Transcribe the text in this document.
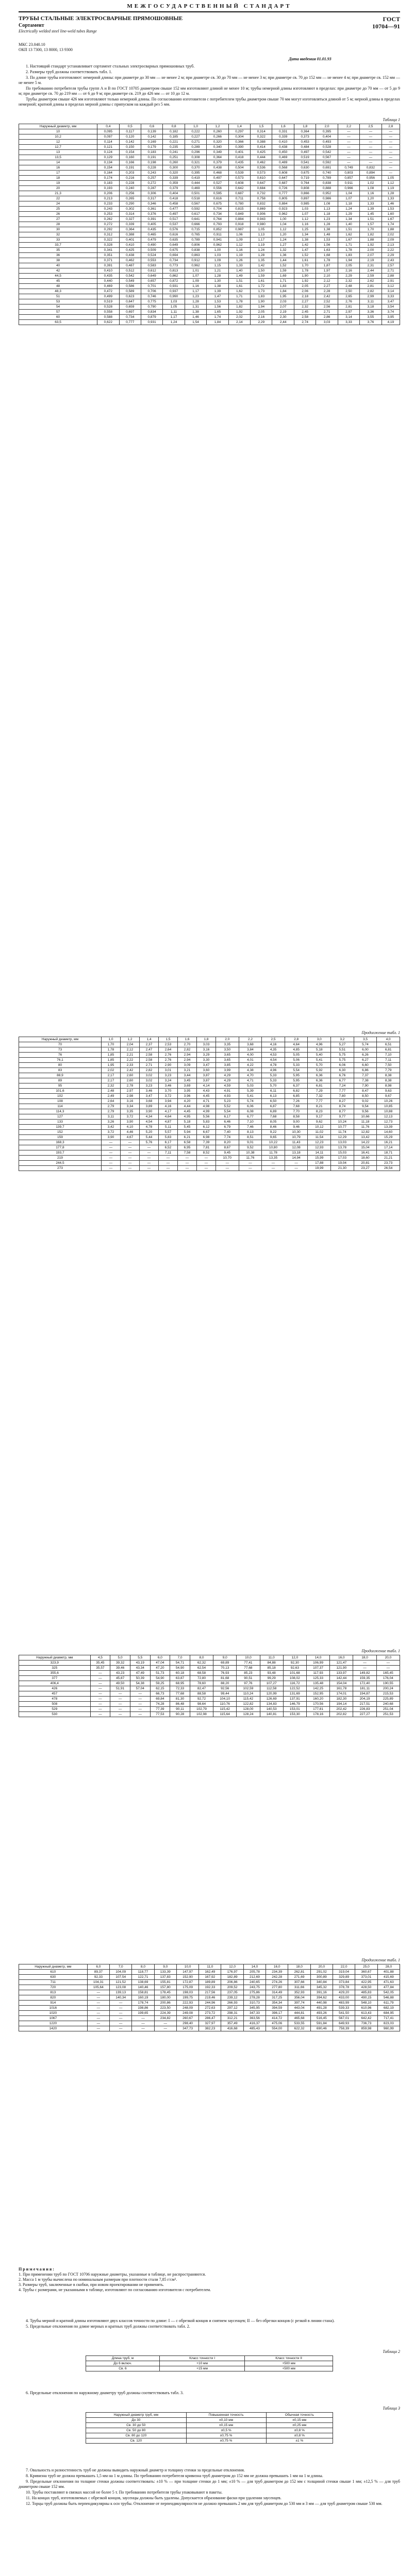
МЕЖГОСУДАРСТВЕННЫЙ СТАНДАРТ
ТРУБЫ СТАЛЬНЫЕ ЭЛЕКТРОСВАРНЫЕ ПРЯМОШОВНЫЕ
Сортамент
Electrically welded steel line-weld tubes Range
ГОСТ
10704—91
МКС 23.040.10
ОКП 13 7300, 13 8000, 13 9300
Дата введения 01.01.93

1. Настоящий стандарт устанавливает сортамент стальных электросварных прямошовных труб.

2. Размеры труб должны соответствовать табл. 1.

3. По длине трубы изготовляют: немерной длины: при диаметре до 30 мм — не менее 2 м; при диаметре св. 30 до 70 мм — не менее 3 м; при диаметре св. 70 до 152 мм — не менее 4 м; при диаметре св. 152 мм — не менее 5 м.

По требованию потребителя трубы групп А и В по ГОСТ 10705 диаметром свыше 152 мм изготовляют длиной не менее 10 м; трубы немерной длины изготовляют в пределах: при диаметре до 70 мм — от 5 до 9 м; при диаметре св. 70 до 219 мм — от 6 до 9 м; при диаметре св. 219 до 426 мм — от 10 до 12 м.

Трубы диаметром свыше 426 мм изготовляют только немерной длины. По согласованию изготовителя с потребителем трубы диаметром свыше 70 мм могут изготовляться длиной от 5 м; мерной длины в пределах немерной; кратной длины в пределах мерной длины с припуском на каждый рез 5 мм.

Таблица 1
Наружный диаметр, мм	0,4	0,5	0,6	0,8	1,0	1,2	1,4	1,5	1,6	1,8	2,0	2,2	2,5	2,8
10	0,095	0,117	0,139	0,182	0,222	0,260	0,297	0,314	0,331	0,364	0,395	—	—	—
10,2	0,097	0,120	0,142	0,185	0,227	0,266	0,304	0,322	0,339	0,373	0,404	—	—	—
12	0,114	0,142	0,169	0,221	0,271	0,320	0,366	0,388	0,410	0,453	0,493	—	—	—
12,7	0,121	0,150	0,179	0,235	0,289	0,340	0,390	0,414	0,438	0,484	0,528	—	—	—
13	0,124	0,154	0,183	0,241	0,296	0,349	0,401	0,425	0,450	0,497	0,542	—	—	—
13,5	0,129	0,160	0,191	0,251	0,308	0,364	0,418	0,444	0,469	0,519	0,567	—	—	—
14	0,134	0,166	0,198	0,260	0,321	0,379	0,435	0,462	0,489	0,541	0,592	—	—	—
16	0,154	0,191	0,228	0,300	0,370	0,438	0,504	0,536	0,568	0,630	0,691	0,749	0,832	—
17	0,164	0,203	0,243	0,320	0,395	0,468	0,539	0,573	0,608	0,675	0,740	0,803	0,894	—
18	0,174	0,216	0,257	0,339	0,419	0,497	0,573	0,610	0,647	0,719	0,789	0,857	0,956	1,05
19	0,183	0,228	0,272	0,359	0,444	0,527	0,608	0,647	0,687	0,764	0,838	0,911	1,02	1,12
20	0,193	0,240	0,287	0,379	0,469	0,556	0,642	0,684	0,726	0,808	0,888	0,966	1,08	1,19
21,3	0,206	0,256	0,306	0,404	0,501	0,595	0,687	0,732	0,777	0,866	0,952	1,04	1,16	1,28
22	0,213	0,265	0,317	0,418	0,518	0,616	0,711	0,758	0,805	0,897	0,986	1,07	1,20	1,33
24	0,233	0,290	0,346	0,458	0,567	0,675	0,780	0,832	0,884	0,985	1,08	1,18	1,33	1,46
25	0,243	0,302	0,361	0,477	0,592	0,704	0,815	0,869	0,923	1,03	1,13	1,24	1,39	1,53
26	0,253	0,314	0,376	0,497	0,617	0,734	0,849	0,906	0,962	1,07	1,18	1,29	1,45	1,60
27	0,262	0,327	0,391	0,517	0,641	0,764	0,884	0,943	1,00	1,12	1,23	1,34	1,51	1,67
28	0,272	0,339	0,405	0,537	0,666	0,793	0,918	0,980	1,04	1,16	1,28	1,40	1,57	1,74
30	0,292	0,364	0,435	0,576	0,715	0,852	0,987	1,05	1,12	1,25	1,38	1,51	1,70	1,88
32	0,312	0,388	0,465	0,616	0,765	0,911	1,06	1,13	1,20	1,34	1,48	1,62	1,82	2,02
33	0,322	0,401	0,479	0,635	0,789	0,941	1,09	1,17	1,24	1,38	1,53	1,67	1,88	2,09
33,7	0,328	0,410	0,490	0,649	0,806	0,962	1,12	1,19	1,27	1,42	1,56	1,71	1,92	2,13
35	0,341	0,425	0,509	0,675	0,838	1,00	1,16	1,24	1,32	1,47	1,63	1,78	2,00	2,22
36	0,351	0,438	0,524	0,694	0,863	1,03	1,19	1,28	1,36	1,52	1,68	1,83	2,07	2,29
38	0,371	0,462	0,553	0,734	0,912	1,09	1,26	1,35	1,44	1,61	1,78	1,94	2,19	2,43
40	0,391	0,487	0,583	0,773	0,962	1,15	1,33	1,42	1,52	1,70	1,87	2,05	2,31	2,57
42	0,410	0,512	0,612	0,813	1,01	1,21	1,40	1,50	1,59	1,78	1,97	2,16	2,44	2,71
44,5	0,435	0,542	0,649	0,862	1,07	1,28	1,49	1,59	1,69	1,90	2,10	2,29	2,59	2,88
45	0,440	0,549	0,657	0,872	1,09	1,30	1,51	1,61	1,71	1,92	2,12	2,32	2,62	2,91
48	0,469	0,586	0,701	0,931	1,16	1,38	1,61	1,72	1,83	2,05	2,27	2,48	2,81	3,12
48,3	0,472	0,589	0,706	0,937	1,17	1,39	1,62	1,73	1,84	2,06	2,28	2,50	2,82	3,14
51	0,499	0,623	0,746	0,990	1,23	1,47	1,71	1,83	1,95	2,18	2,42	2,65	2,99	3,33
53	0,519	0,647	0,775	1,03	1,28	1,53	1,78	1,90	2,03	2,27	2,52	2,76	3,11	3,47
54	0,528	0,659	0,790	1,05	1,31	1,56	1,82	1,94	2,07	2,32	2,56	2,81	3,18	3,54
57	0,558	0,697	0,834	1,11	1,38	1,65	1,92	2,05	2,19	2,45	2,71	2,97	3,36	3,74
60	0,588	0,734	0,879	1,17	1,46	1,74	2,02	2,16	2,30	2,58	2,86	3,14	3,55	3,95
63,5	0,622	0,777	0,931	1,24	1,54	1,84	2,14	2,29	2,44	2,74	3,03	3,33	3,76	4,19
Продолжение табл. 1
Наружный диаметр, мм	1,0	1,2	1,4	1,5	1,6	1,8	2,0	2,2	2,5	2,8	3,0	3,2	3,5	4,0
70	1,70	2,04	2,37	2,53	2,70	3,03	3,35	3,68	4,16	4,64	4,96	5,27	5,74	6,51
73	1,78	2,12	2,47	2,64	2,82	3,16	3,50	3,84	4,35	4,85	5,18	5,51	6,00	6,81
76	1,85	2,21	2,58	2,76	2,94	3,29	3,65	4,00	4,53	5,05	5,40	5,75	6,26	7,10
76,1	1,85	2,22	2,58	2,76	2,94	3,30	3,65	4,01	4,54	5,06	5,41	5,75	6,27	7,11
80	1,95	2,33	2,71	2,90	3,09	3,47	3,85	4,22	4,78	5,33	5,70	6,06	6,60	7,50
83	2,02	2,42	2,82	3,01	3,21	3,60	3,99	4,38	4,96	5,54	5,92	6,30	6,86	7,79
88,9	2,17	2,60	3,02	3,23	3,44	3,87	4,29	4,70	5,33	5,95	6,36	6,76	7,37	8,38
89	2,17	2,60	3,02	3,24	3,45	3,87	4,29	4,71	5,33	5,95	6,36	6,77	7,38	8,38
95	2,32	2,78	3,23	3,46	3,69	4,14	4,59	5,03	5,70	6,37	6,81	7,24	7,90	8,98
101,6	2,48	2,97	3,46	3,70	3,95	4,43	4,91	5,39	6,11	6,82	7,29	7,77	8,47	9,63
102	2,49	2,98	3,47	3,72	3,96	4,45	4,93	5,41	6,13	6,85	7,32	7,80	8,50	9,67
108	2,64	3,16	3,68	3,94	4,20	4,71	5,23	5,74	6,50	7,26	7,77	8,27	9,02	10,26
114	2,79	3,34	3,89	4,16	4,44	4,98	5,52	6,06	6,87	7,68	8,21	8,74	9,54	10,85
114,3	2,79	3,35	3,90	4,17	4,45	4,99	5,54	6,08	6,89	7,70	8,23	8,77	9,56	10,88
127	3,11	3,72	4,34	4,64	4,95	5,56	6,17	6,77	7,68	8,58	9,17	9,77	10,66	12,13
133	3,26	3,90	4,54	4,87	5,18	5,83	6,46	7,10	8,05	9,00	9,62	10,24	11,18	12,73
139,7	3,42	4,10	4,78	5,11	5,45	6,12	6,79	7,46	8,46	9,46	10,12	10,77	11,76	13,39
152	3,72	4,46	5,20	5,57	5,94	6,67	7,40	8,13	9,22	10,30	11,02	11,74	12,82	14,60
159	3,90	4,67	5,44	5,83	6,21	6,98	7,74	8,51	9,65	10,79	11,54	12,29	13,42	15,29
168,3	—	—	5,76	6,17	6,58	7,39	8,20	9,01	10,22	11,43	12,23	13,03	14,22	16,21
177,8	—	—	—	6,52	6,95	7,81	8,67	9,52	10,80	12,08	12,93	13,78	15,04	17,14
193,7	—	—	—	7,11	7,58	8,52	9,45	10,38	11,78	13,18	14,11	15,03	16,41	18,71
219	—	—	—	—	—	—	10,70	11,76	13,35	14,94	15,99	17,03	18,60	21,21
244,5	—	—	—	—	—	—	—	—	—	—	17,88	19,04	20,81	23,73
273	—	—	—	—	—	—	—	—	—	—	19,99	21,30	23,27	26,54
Продолжение табл. 1
Наружный диаметр, мм	4,5	5,0	5,5	6,0	7,0	8,0	9,0	10,0	11,0	12,0	14,0	16,0	18,0	20,0
323,9	35,45	39,32	43,19	47,04	54,71	62,32	69,89	77,41	84,88	92,30	106,99	121,47	—	—
325	35,57	39,46	43,34	47,20	54,90	62,54	70,13	77,68	85,18	92,63	107,37	121,90	—	—
355,6	—	43,23	47,49	51,73	60,18	68,58	76,93	85,23	93,48	101,68	117,93	133,97	149,82	165,45
377	—	45,87	50,39	54,90	63,87	72,80	81,68	90,51	99,29	108,02	125,33	142,44	159,35	176,04
406,4	—	49,50	54,38	59,25	68,95	78,60	88,20	97,76	107,27	116,72	135,48	154,04	172,40	190,55
426	—	51,91	57,04	62,15	72,33	82,47	92,56	102,59	112,58	122,52	142,25	161,78	181,11	200,24
457	—	—	—	66,73	77,68	88,58	99,44	110,24	120,99	131,69	152,95	174,01	194,87	215,53
478	—	—	—	69,84	81,30	92,72	104,10	115,42	126,69	137,91	160,20	182,30	204,19	225,89
508	—	—	—	74,28	86,48	98,64	110,76	122,82	134,83	146,79	170,56	194,14	217,51	240,68
529	—	—	—	77,39	90,11	102,79	115,42	128,00	140,53	153,01	177,81	202,42	226,83	251,04
530	—	—	—	77,53	90,28	102,98	115,64	128,24	140,81	153,30	178,16	202,82	227,27	251,53
Продолжение табл. 1
Наружный диаметр, мм	6,0	7,0	8,0	9,0	10,0	11,0	12,0	14,0	16,0	18,0	20,0	22,0	25,0	28,0
610	89,37	104,09	118,77	133,39	147,97	162,49	176,97	205,78	234,39	262,81	291,02	319,04	360,67	401,88
630	92,33	107,54	122,71	137,83	152,90	167,92	182,89	212,69	242,28	271,69	300,89	329,89	373,01	415,69
711	104,31	121,52	138,69	155,81	172,87	189,89	206,86	240,65	274,26	307,66	340,84	373,84	422,95	471,63
720	105,64	123,08	140,46	157,80	175,09	192,33	209,52	243,75	277,80	311,66	345,32	378,78	428,50	477,84
813	—	139,13	158,81	178,45	198,03	217,56	237,05	275,86	314,49	352,93	391,16	429,20	485,83	542,05
820	—	140,34	160,19	180,00	199,75	219,46	239,12	278,28	317,25	356,04	394,62	433,00	490,15	546,88
914	—	—	178,74	200,86	222,93	244,96	266,93	310,73	354,34	397,74	440,98	483,99	548,10	611,79
1016	—	—	198,86	223,50	248,09	272,63	297,12	345,95	394,59	443,04	491,28	539,33	610,96	682,19
1020	—	—	199,65	224,39	249,08	273,72	298,31	347,33	396,17	444,81	493,26	541,50	613,43	684,95
1067	—	—	—	234,82	260,67	286,47	312,21	363,56	414,72	465,68	516,45	567,01	642,42	717,41
1220	—	—	—	—	298,40	327,97	357,49	416,37	475,06	533,55	591,84	649,93	736,73	823,03
1420	—	—	—	—	347,73	382,23	416,68	485,43	554,00	622,32	690,46	758,39	859,98	960,99
Примечания:
1. При применении труб по ГОСТ 10706 наружные диаметры, указанные в таблице, не распространяются.
2. Масса 1 м трубы вычислена по номинальным размерам при плотности стали 7,85 г/см³.
3. Размеры труб, заключенные в скобки, при новом проектировании не применять.
4. Трубы с размерами, не указанными в таблице, изготовляют по согласованию изготовителя с потребителем.

4. Трубы мерной и кратной длины изготовляют двух классов точности по длине: I — с обрезкой концов и снятием заусенцев; II — без обрезки концов (с резкой в линии стана).

5. Предельные отклонения по длине мерных и кратных труб должны соответствовать табл. 2.

Таблица 2
Длина труб, м	Класс точности I	Класс точности II
До 6 включ.	+10 мм	+500 мм
Св. 6	+15 мм	+500 мм

6. Предельные отклонения по наружному диаметру труб должны соответствовать табл. 3.

Таблица 3
Наружный диаметр труб, мм	Повышенная точность	Обычная точность
До 30	±0,10 мм	±0,15 мм
Св. 30 до 50	±0,15 мм	±0,25 мм
Св. 50 до 80	±0,5 %	±0,8 %
Св. 80 до 120	±0,75 %	±0,8 %
Св. 120	±0,75 %	±1 %

7. Овальность и разностенность труб не должны выводить наружный диаметр и толщину стенки за предельные отклонения.

8. Кривизна труб не должна превышать 1,5 мм на 1 м длины. По требованию потребителя кривизна труб диаметром до 152 мм не должна превышать 1 мм на 1 м длины.

9. Предельные отклонения по толщине стенки должны соответствовать: ±10 % — при толщине стенки до 1 мм; ±10 % — для труб диаметром до 152 мм с толщиной стенки свыше 1 мм; ±12,5 % — для труб диаметром свыше 152 мм.

10. Трубы поставляют в связках массой не более 5 т. По требованию потребителя трубы упаковывают в пакеты.

11. На концах труб, изготовляемых с обрезкой концов, заусенцы должны быть удалены. Допускается образование фаски при удалении заусенцев.

12. Торцы труб должны быть перпендикулярны к оси трубы. Отклонение от перпендикулярности не должно превышать 2 мм для труб диаметром до 530 мм и 3 мм — для труб диаметром свыше 530 мм.
